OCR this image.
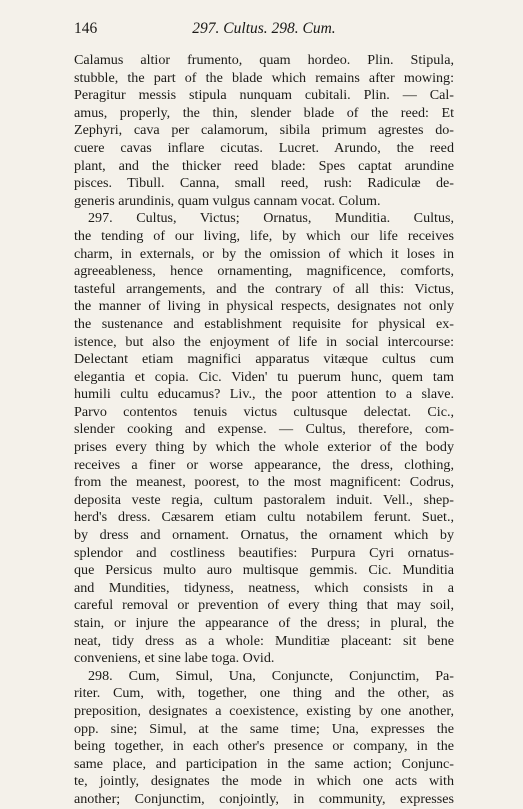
146	297. Cultus. 298. Cum.
Calamus altior frumento, quam hordeo. Plin. Stipula,
stubble, the part of the blade which remains after mowing:
Peragitur messis stipula nunquam cubitali. Plin. — Cal-
amus, properly, the thin, slender blade of the reed: Et
Zephyri, cava per calamorum, sibila primum agrestes do-
cuere cavas inflare cicutas. Lucret. Arundo, the reed
plant, and the thicker reed blade: Spes captat arundine
pisces. Tibull. Canna, small reed, rush: Radiculæ de-
generis arundinis, quam vulgus cannam vocat. Colum.
297. Cultus, Victus; Ornatus, Munditia. Cultus,
the tending of our living, life, by which our life receives
charm, in externals, or by the omission of which it loses in
agreeableness, hence ornamenting, magnificence, comforts,
tasteful arrangements, and the contrary of all this: Victus,
the manner of living in physical respects, designates not only
the sustenance and establishment requisite for physical ex-
istence, but also the enjoyment of life in social intercourse:
Delectant etiam magnifici apparatus vitæque cultus cum
elegantia et copia. Cic. Viden' tu puerum hunc, quem tam
humili cultu educamus? Liv., the poor attention to a slave.
Parvo contentos tenuis victus cultusque delectat. Cic.,
slender cooking and expense. — Cultus, therefore, com-
prises every thing by which the whole exterior of the body
receives a finer or worse appearance, the dress, clothing,
from the meanest, poorest, to the most magnificent: Codrus,
deposita veste regia, cultum pastoralem induit. Vell., shep-
herd's dress. Cæsarem etiam cultu notabilem ferunt. Suet.,
by dress and ornament. Ornatus, the ornament which by
splendor and costliness beautifies: Purpura Cyri ornatus-
que Persicus multo auro multisque gemmis. Cic. Munditia
and Mundities, tidyness, neatness, which consists in a
careful removal or prevention of every thing that may soil,
stain, or injure the appearance of the dress; in plural, the
neat, tidy dress as a whole: Munditiæ placeant: sit bene
conveniens, et sine labe toga. Ovid.
298. Cum, Simul, Una, Conjuncte, Conjunctim, Pa-
riter. Cum, with, together, one thing and the other, as
preposition, designates a coexistence, existing by one another,
opp. sine; Simul, at the same time; Una, expresses the
being together, in each other's presence or company, in the
same place, and participation in the same action; Conjunc-
te, jointly, designates the mode in which one acts with
another; Conjunctim, conjointly, in community, expresses
